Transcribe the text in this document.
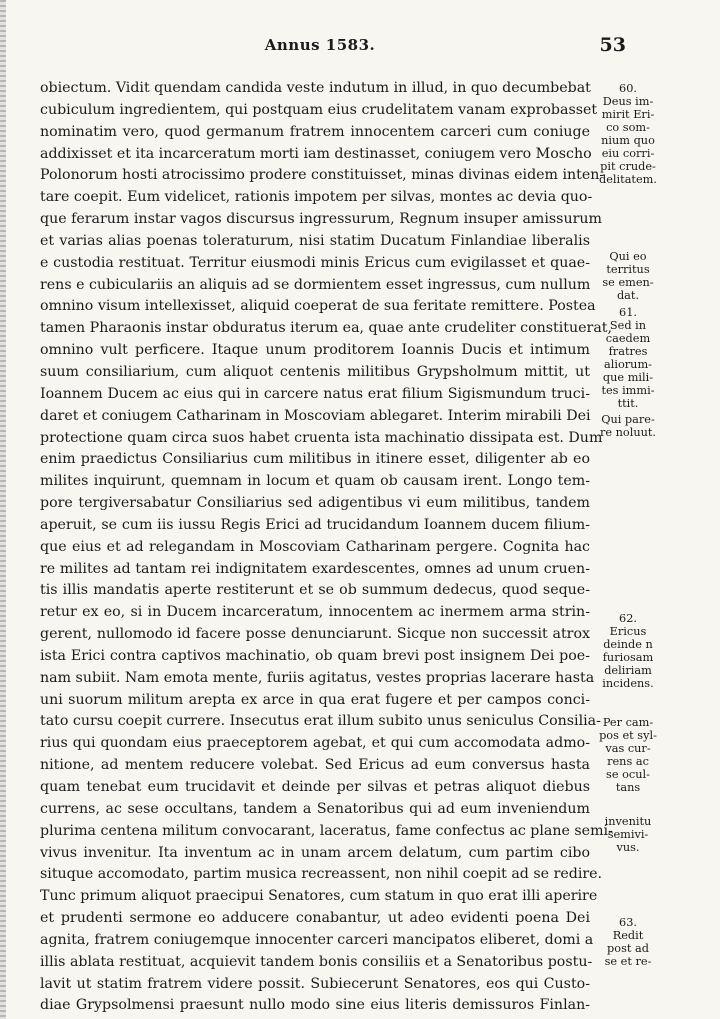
Annus 1583.	53
obiectum. Vidit quendam candida veste indutum in illud, in quo decumbebat
cubiculum ingredientem, qui postquam eius crudelitatem vanam exprobasset
nominatim vero, quod germanum fratrem innocentem carceri cum coniuge
addixisset et ita incarceratum morti iam destinasset, coniugem vero Moscho
Polonorum hosti atrocissimo prodere constituisset, minas divinas eidem inten-
tare coepit. Eum videlicet, rationis impotem per silvas, montes ac devia quo-
que ferarum instar vagos discursus ingressurum, Regnum insuper amissurum
et varias alias poenas toleraturum, nisi statim Ducatum Finlandiae liberalis
e custodia restituat. Territur eiusmodi minis Ericus cum evigilasset et quae-
rens e cubiculariis an aliquis ad se dormientem esset ingressus, cum nullum
omnino visum intellexisset, aliquid coeperat de sua feritate remittere. Postea
tamen Pharaonis instar obduratus iterum ea, quae ante crudeliter constituerat,
omnino vult perficere. Itaque unum proditorem Ioannis Ducis et intimum
suum consiliarium, cum aliquot centenis militibus Grypsholmum mittit, ut
Ioannem Ducem ac eius qui in carcere natus erat filium Sigismundum truci-
daret et coniugem Catharinam in Moscoviam ablegaret. Interim mirabili Dei
protectione quam circa suos habet cruenta ista machinatio dissipata est. Dum
enim praedictus Consiliarius cum militibus in itinere esset, diligenter ab eo
milites inquirunt, quemnam in locum et quam ob causam irent. Longo tem-
pore tergiversabatur Consiliarius sed adigentibus vi eum militibus, tandem
aperuit, se cum iis iussu Regis Erici ad trucidandum Ioannem ducem filium-
que eius et ad relegandam in Moscoviam Catharinam pergere. Cognita hac
re milites ad tantam rei indignitatem exardescentes, omnes ad unum cruen-
tis illis mandatis aperte restiterunt et se ob summum dedecus, quod seque-
retur ex eo, si in Ducem incarceratum, innocentem ac inermem arma strin-
gerent, nullomodo id facere posse denunciarunt. Sicque non successit atrox
ista Erici contra captivos machinatio, ob quam brevi post insignem Dei poe-
nam subiit. Nam emota mente, furiis agitatus, vestes proprias lacerare hasta
uni suorum militum arepta ex arce in qua erat fugere et per campos conci-
tato cursu coepit currere. Insecutus erat illum subito unus seniculus Consilia-
rius qui quondam eius praeceptorem agebat, et qui cum accomodata admo-
nitione, ad mentem reducere volebat. Sed Ericus ad eum conversus hasta
quam tenebat eum trucidavit et deinde per silvas et petras aliquot diebus
currens, ac sese occultans, tandem a Senatoribus qui ad eum inveniendum
plurima centena militum convocarant, laceratus, fame confectus ac plane semi-
vivus invenitur. Ita inventum ac in unam arcem delatum, cum partim cibo
situque accomodato, partim musica recreassent, non nihil coepit ad se redire.
Tunc primum aliquot praecipui Senatores, cum statum in quo erat illi aperire
et prudenti sermone eo adducere conabantur, ut adeo evidenti poena Dei
agnita, fratrem coniugemque innocenter carceri mancipatos eliberet, domi a
illis ablata restituat, acquievit tandem bonis consiliis et a Senatoribus postu-
lavit ut statim fratrem videre possit. Subiecerunt Senatores, eos qui Custo-
diae Grypsolmensi praesunt nullo modo sine eius literis demissuros Finlan-
60.
Deus im-
mirit Eri-
co som-
nium quo
eiu corri-
pit crude-
delitatem.
Qui eo
territus
se emen-
dat.
61.
Sed in
caedem
fratres
aliorum-
que mili-
tes immi-
ttit.
Qui pare-
re noluut.
62.
Ericus
deinde n
furiosam
deliriam
incidens.
Per cam-
pos et syl-
vas cur-
rens ac
se ocul-
tans
invenitu
semivi-
vus.
63.
Redit
post ad
se et re-
